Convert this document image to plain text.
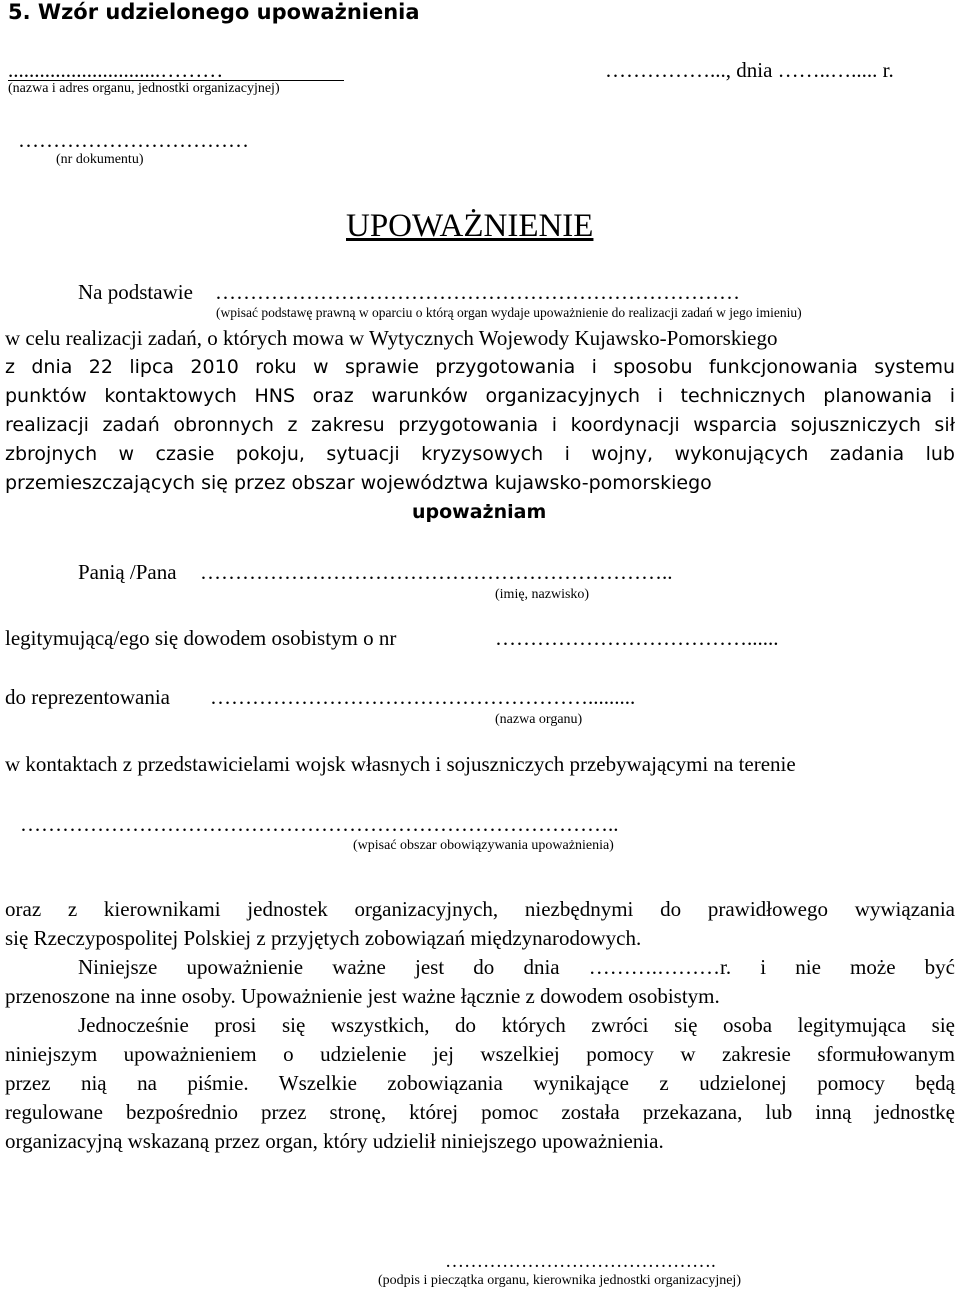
5. Wzór udzielonego upoważnienia
.............................………
(nazwa i adres organu, jednostki organizacyjnej)
……………..., dnia ……..…..... r.
……………………………
(nr dokumentu)
UPOWAŻNIENIE
Na podstawie …………………………………………………………………
(wpisać podstawę prawną w oparciu o którą organ wydaje upoważnienie do realizacji zadań w jego imieniu)
w celu realizacji zadań, o których mowa w Wytycznych Wojewody Kujawsko-Pomorskiego
z dnia 22 lipca 2010 roku w sprawie przygotowania i sposobu funkcjonowania systemu
punktów kontaktowych HNS oraz warunków organizacyjnych i technicznych planowania i
realizacji zadań obronnych z zakresu przygotowania i koordynacji wsparcia sojuszniczych sił
zbrojnych w czasie pokoju, sytuacji kryzysowych i wojny, wykonujących zadania lub
przemieszczających się przez obszar województwa kujawsko-pomorskiego
upoważniam
Panią /Pana …………………………………………………………..
(imię, nazwisko)
legitymującą/ego się dowodem osobistym o nr	………………………………......
do reprezentowania ……………………………………………….........
(nazwa organu)
w kontaktach z przedstawicielami wojsk własnych i sojuszniczych przebywającymi na terenie
…………………………………………………………………………..
(wpisać obszar obowiązywania upoważnienia)
oraz z kierownikami jednostek organizacyjnych, niezbędnymi do prawidłowego wywiązania
się Rzeczypospolitej Polskiej z przyjętych zobowiązań międzynarodowych.
Niniejsze upoważnienie ważne jest do dnia ……….………r. i nie może być
przenoszone na inne osoby. Upoważnienie jest ważne łącznie z dowodem osobistym.
Jednocześnie prosi się wszystkich, do których zwróci się osoba legitymująca się
niniejszym upoważnieniem o udzielenie jej wszelkiej pomocy w zakresie sformułowanym
przez nią na piśmie. Wszelkie zobowiązania wynikające z udzielonej pomocy będą
regulowane bezpośrednio przez stronę, której pomoc została przekazana, lub inną jednostkę
organizacyjną wskazaną przez organ, który udzielił niniejszego upoważnienia.
…………………………………….
(podpis i pieczątka organu, kierownika jednostki organizacyjnej)
